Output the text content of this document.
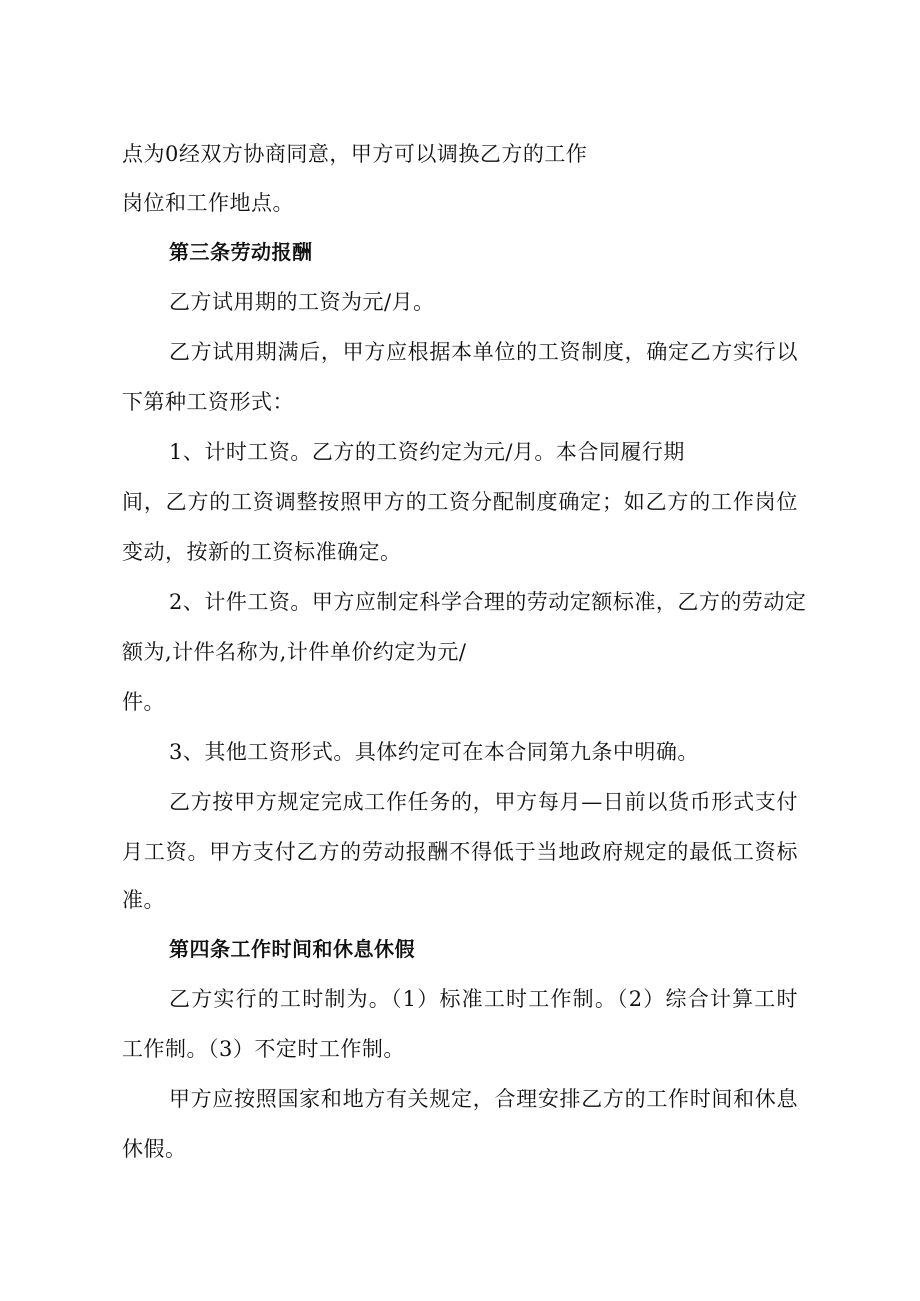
点为0经双方协商同意，甲方可以调换乙方的工作
岗位和工作地点。
第三条劳动报酬
乙方试用期的工资为元/月。
乙方试用期满后，甲方应根据本单位的工资制度，确定乙方实行以
下第种工资形式：
1、计时工资。乙方的工资约定为元/月。本合同履行期
间，乙方的工资调整按照甲方的工资分配制度确定；如乙方的工作岗位
变动，按新的工资标准确定。
2、计件工资。甲方应制定科学合理的劳动定额标准，乙方的劳动定
额为,计件名称为,计件单价约定为元/
件。
3、其他工资形式。具体约定可在本合同第九条中明确。
乙方按甲方规定完成工作任务的，甲方每月—日前以货币形式支付
月工资。甲方支付乙方的劳动报酬不得低于当地政府规定的最低工资标
准。
第四条工作时间和休息休假
乙方实行的工时制为。（1）标准工时工作制。（2）综合计算工时
工作制。（3）不定时工作制。
甲方应按照国家和地方有关规定，合理安排乙方的工作时间和休息
休假。
